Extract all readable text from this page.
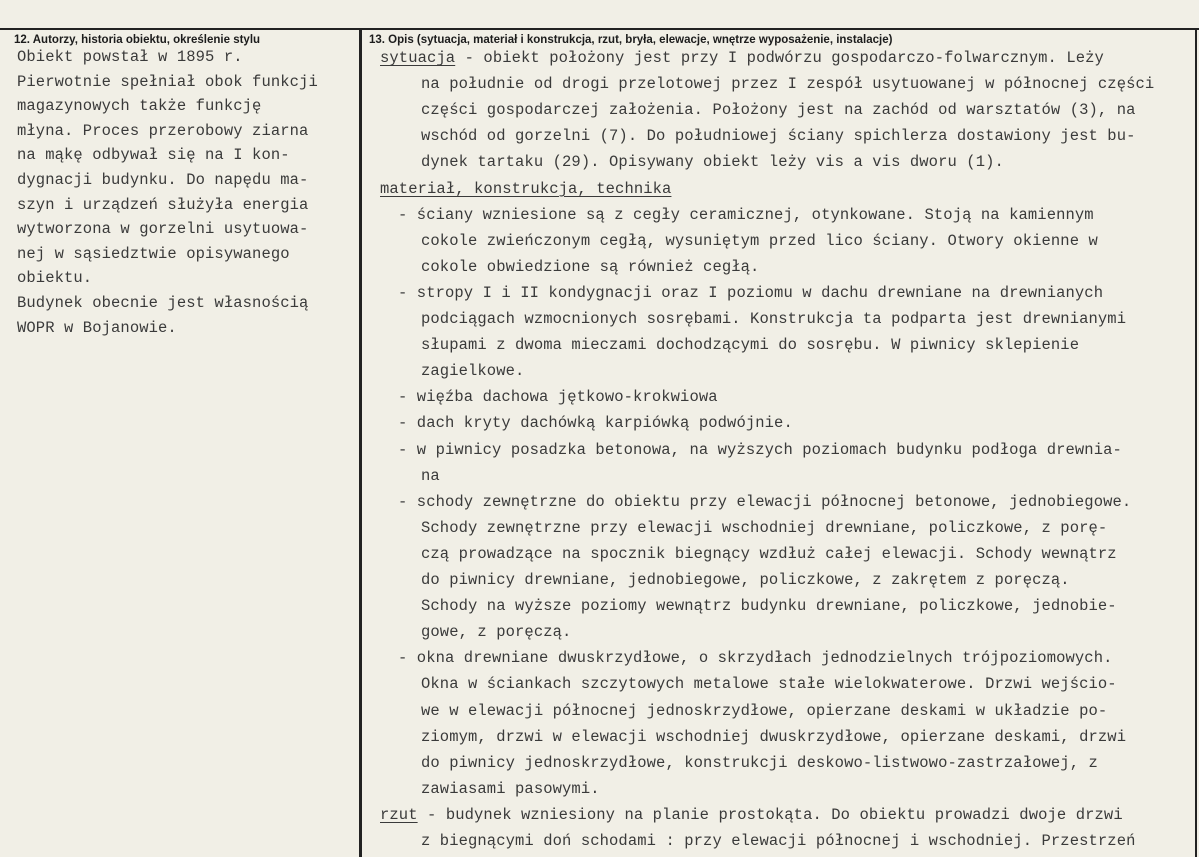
12. Autorzy, historia obiektu, określenie stylu	13. Opis (sytuacja, materiał i konstrukcja, rzut, bryła, elewacje, wnętrze wyposażenie, instalacje)
Obiekt powstał w 1895 r.
Pierwotnie spełniał obok funkcji
magazynowych także funkcję
młyna. Proces przerobowy ziarna
na mąkę odbywał się na I kon-
dygnacji budynku. Do napędu ma-
szyn i urządzeń służyła energia
wytworzona w gorzelni usytuowa-
nej w sąsiedztwie opisywanego
obiektu.
Budynek obecnie jest własnością
WOPR w Bojanowie.
sytuacja - obiekt położony jest przy I podwórzu gospodarczo-folwarcznym. Leży
na południe od drogi przelotowej przez I zespół usytuowanej w północnej części
części gospodarczej założenia. Położony jest na zachód od warsztatów (3), na
wschód od gorzelni (7). Do południowej ściany spichlerza dostawiony jest bu-
dynek tartaku (29). Opisywany obiekt leży vis a vis dworu (1).
materiał, konstrukcja, technika
- ściany wzniesione są z cegły ceramicznej, otynkowane. Stoją na kamiennym
cokole zwieńczonym cegłą, wysuniętym przed lico ściany. Otwory okienne w
cokole obwiedzione są również cegłą.
- stropy I i II kondygnacji oraz I poziomu w dachu drewniane na drewnianych
podciągach wzmocnionych sosrębami. Konstrukcja ta podparta jest drewnianymi
słupami z dwoma mieczami dochodzącymi do sosrębu. W piwnicy sklepienie
zagielkowe.
- więźba dachowa jętkowo-krokwiowa
- dach kryty dachówką karpiówką podwójnie.
- w piwnicy posadzka betonowa, na wyższych poziomach budynku podłoga drewnia-
na
- schody zewnętrzne do obiektu przy elewacji północnej betonowe, jednobiegowe.
Schody zewnętrzne przy elewacji wschodniej drewniane, policzkowe, z porę-
czą prowadzące na spocznik biegnący wzdłuż całej elewacji. Schody wewnątrz
do piwnicy drewniane, jednobiegowe, policzkowe, z zakrętem z poręczą.
Schody na wyższe poziomy wewnątrz budynku drewniane, policzkowe, jednobie-
gowe, z poręczą.
- okna drewniane dwuskrzydłowe, o skrzydłach jednodzielnych trójpoziomowych.
Okna w ściankach szczytowych metalowe stałe wielokwaterowe. Drzwi wejścio-
we w elewacji północnej jednoskrzydłowe, opierzane deskami w układzie po-
ziomym, drzwi w elewacji wschodniej dwuskrzydłowe, opierzane deskami, drzwi
do piwnicy jednoskrzydłowe, konstrukcji deskowo-listwowo-zastrzałowej, z
zawiasami pasowymi.
rzut - budynek wzniesiony na planie prostokąta. Do obiektu prowadzi dwoje drzwi
z biegnącymi doń schodami : przy elewacji północnej i wschodniej. Przestrzeń
